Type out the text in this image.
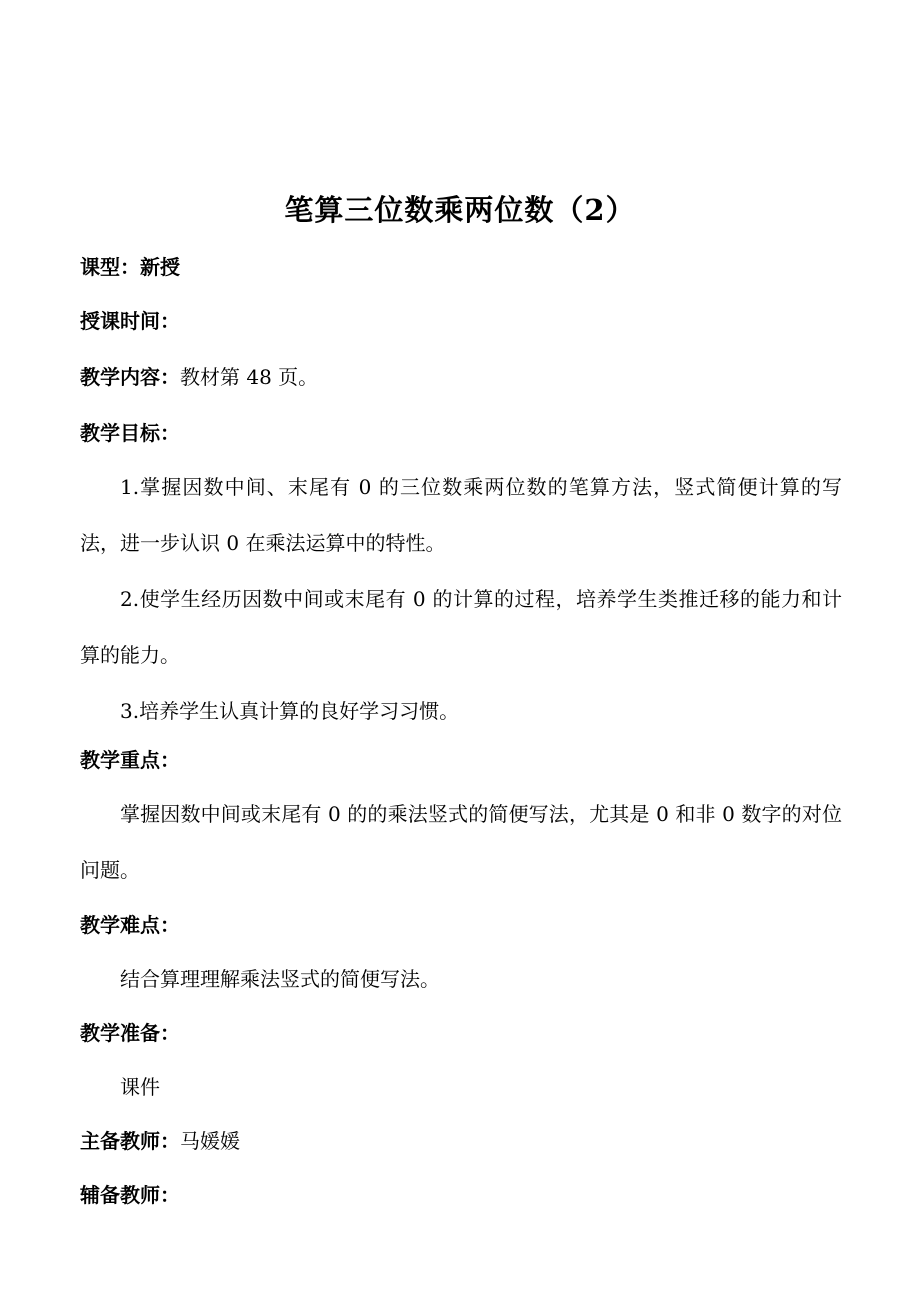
笔算三位数乘两位数（2）
课型：新授
授课时间：
教学内容：教材第 48 页。
教学目标：
1.掌握因数中间、末尾有 0 的三位数乘两位数的笔算方法，竖式简便计算的写法，进一步认识 0 在乘法运算中的特性。
2.使学生经历因数中间或末尾有 0 的计算的过程，培养学生类推迁移的能力和计算的能力。
3.培养学生认真计算的良好学习习惯。
教学重点：
掌握因数中间或末尾有 0 的的乘法竖式的简便写法，尤其是 0 和非 0 数字的对位问题。
教学难点：
结合算理理解乘法竖式的简便写法。
教学准备：
课件
主备教师：马媛媛
辅备教师：
